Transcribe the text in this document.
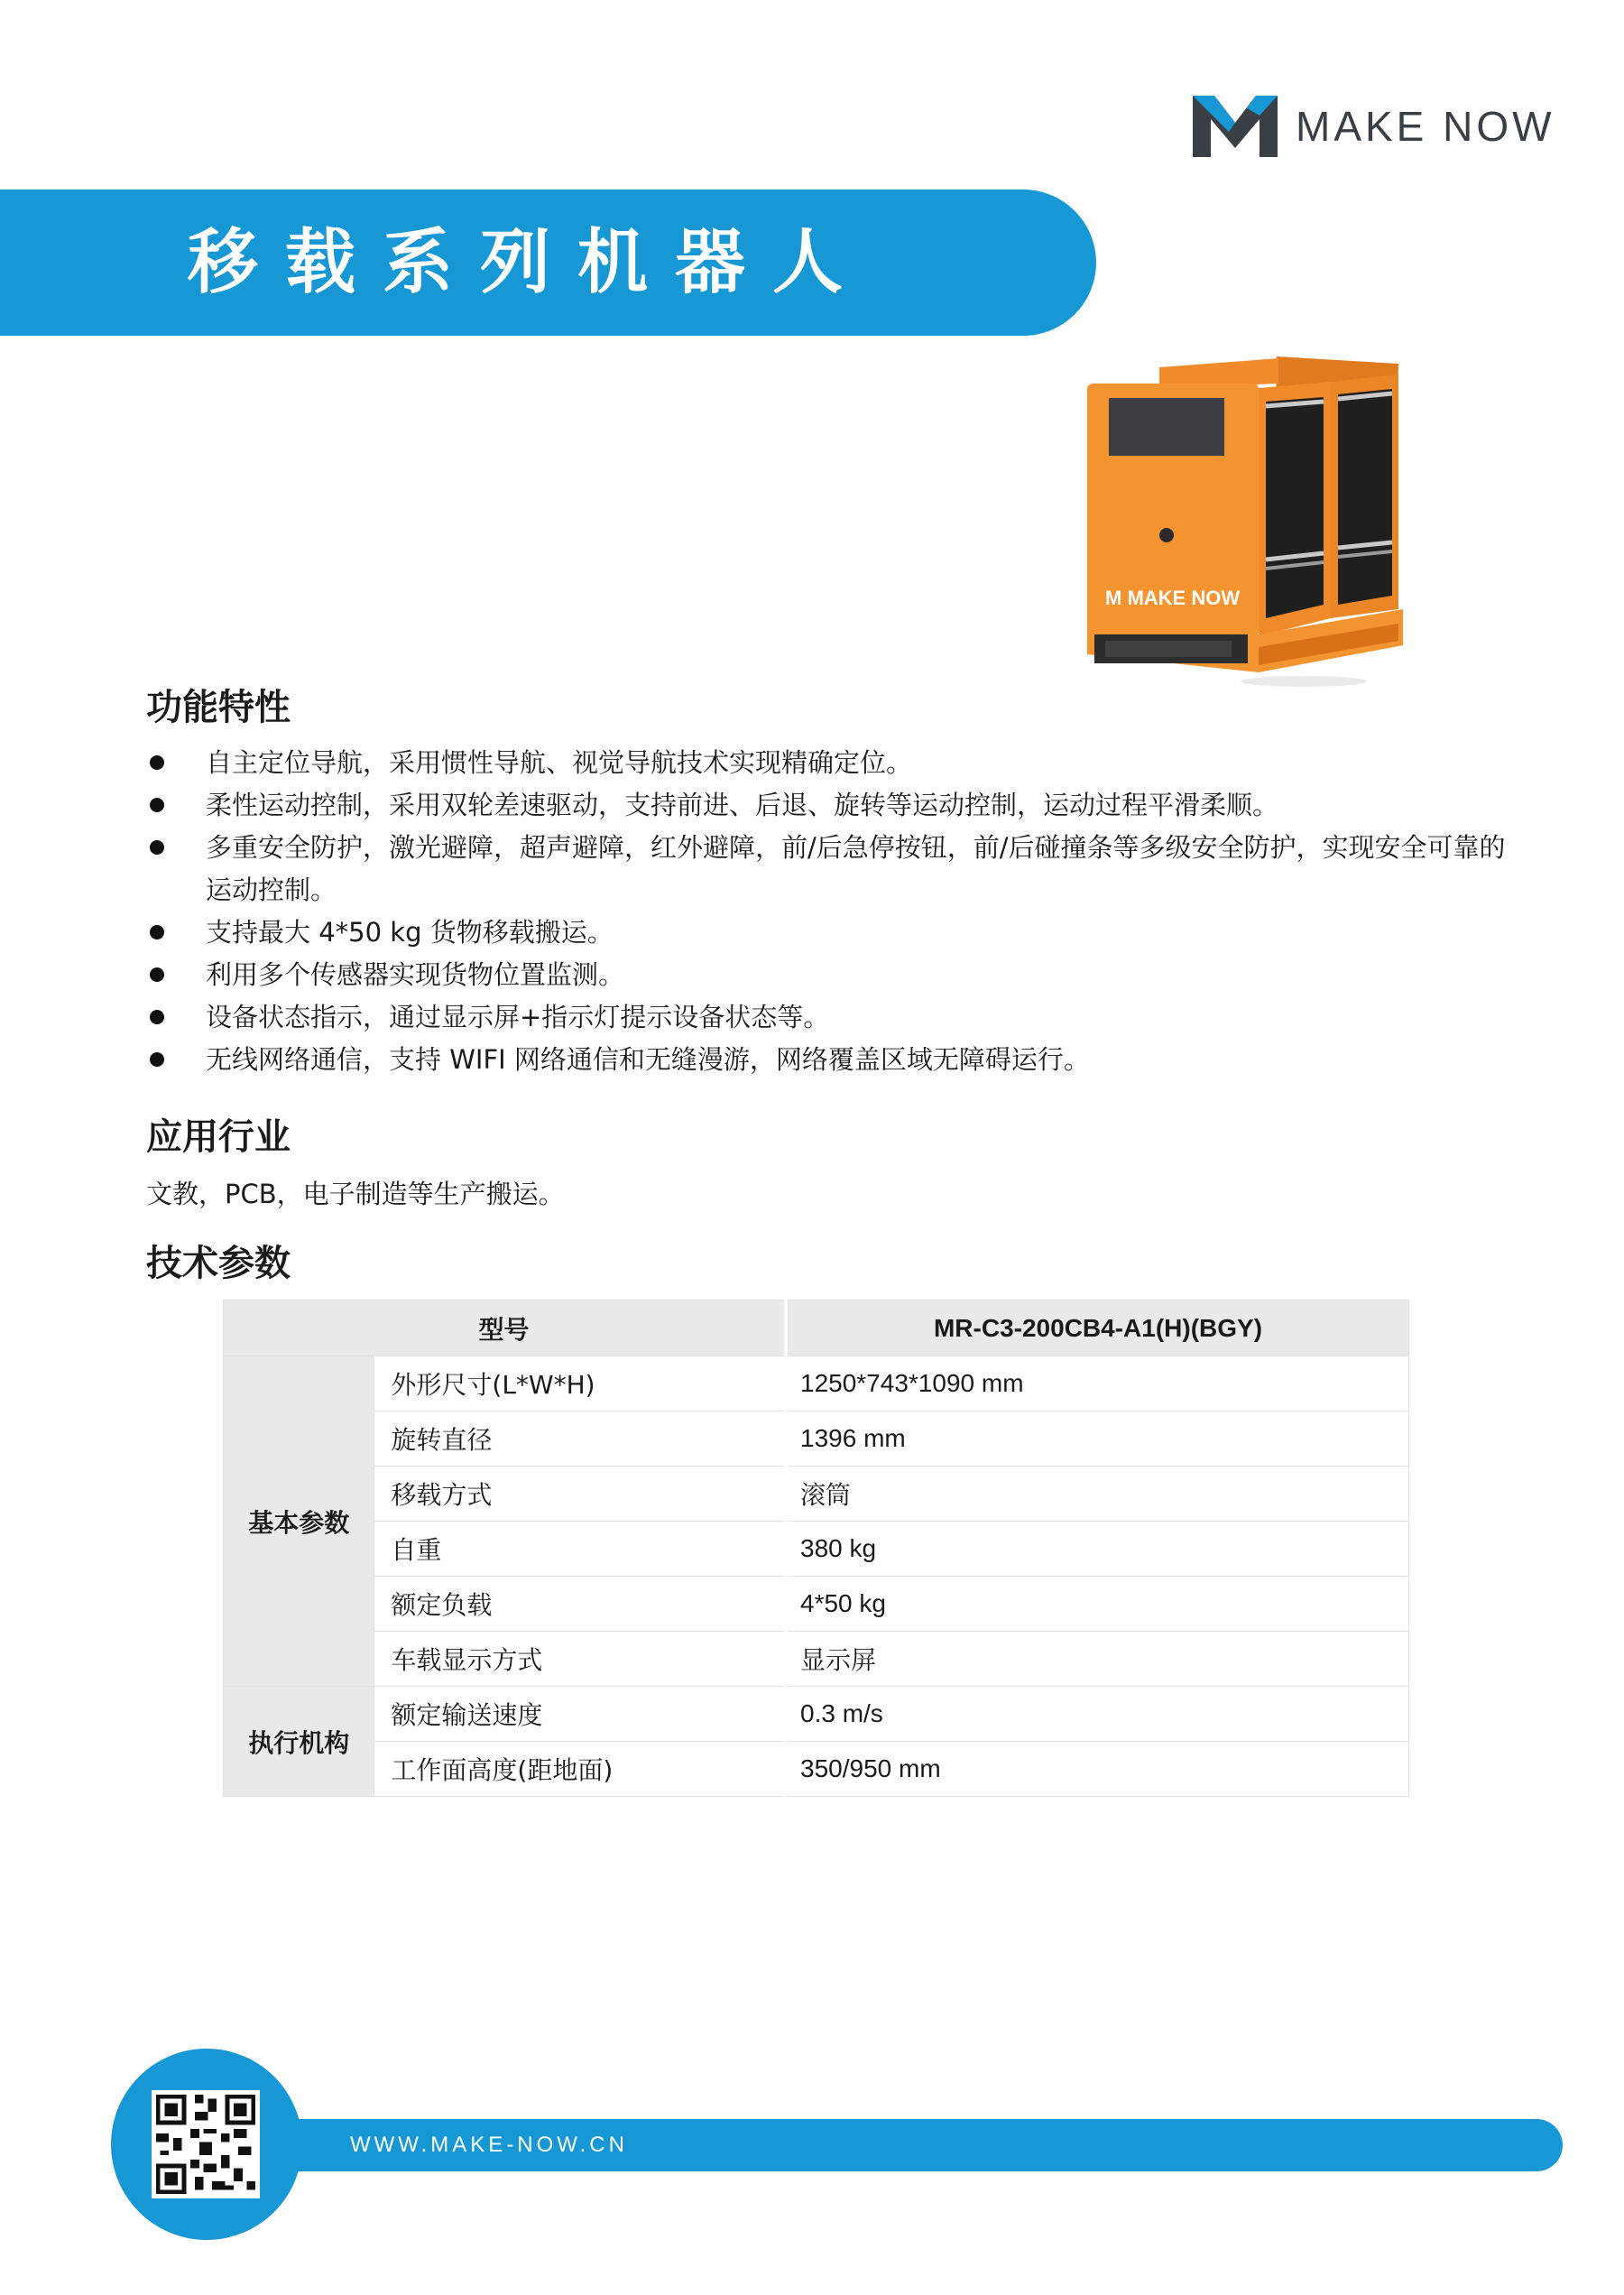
MAKE NOW
移载系列机器人
M MAKE NOW
功能特性
自主定位导航，采用惯性导航、视觉导航技术实现精确定位。
柔性运动控制，采用双轮差速驱动，支持前进、后退、旋转等运动控制，运动过程平滑柔顺。
多重安全防护，激光避障，超声避障，红外避障，前/后急停按钮，前/后碰撞条等多级安全防护，实现安全可靠的运动控制。
支持最大 4*50 kg 货物移载搬运。
利用多个传感器实现货物位置监测。
设备状态指示，通过显示屏+指示灯提示设备状态等。
无线网络通信，支持 WIFI 网络通信和无缝漫游，网络覆盖区域无障碍运行。
应用行业

文教，PCB，电子制造等生产搬运。

技术参数
型号		MR-C3-200CB4-A1(H)(BGY)
基本参数	外形尺寸(L*W*H)	1250*743*1090 mm
	旋转直径	1396 mm
	移载方式	滚筒
	自重	380 kg
	额定负载	4*50 kg
	车载显示方式	显示屏
执行机构	额定输送速度	0.3 m/s
	工作面高度(距地面)	350/950 mm
WWW.MAKE-NOW.CN
